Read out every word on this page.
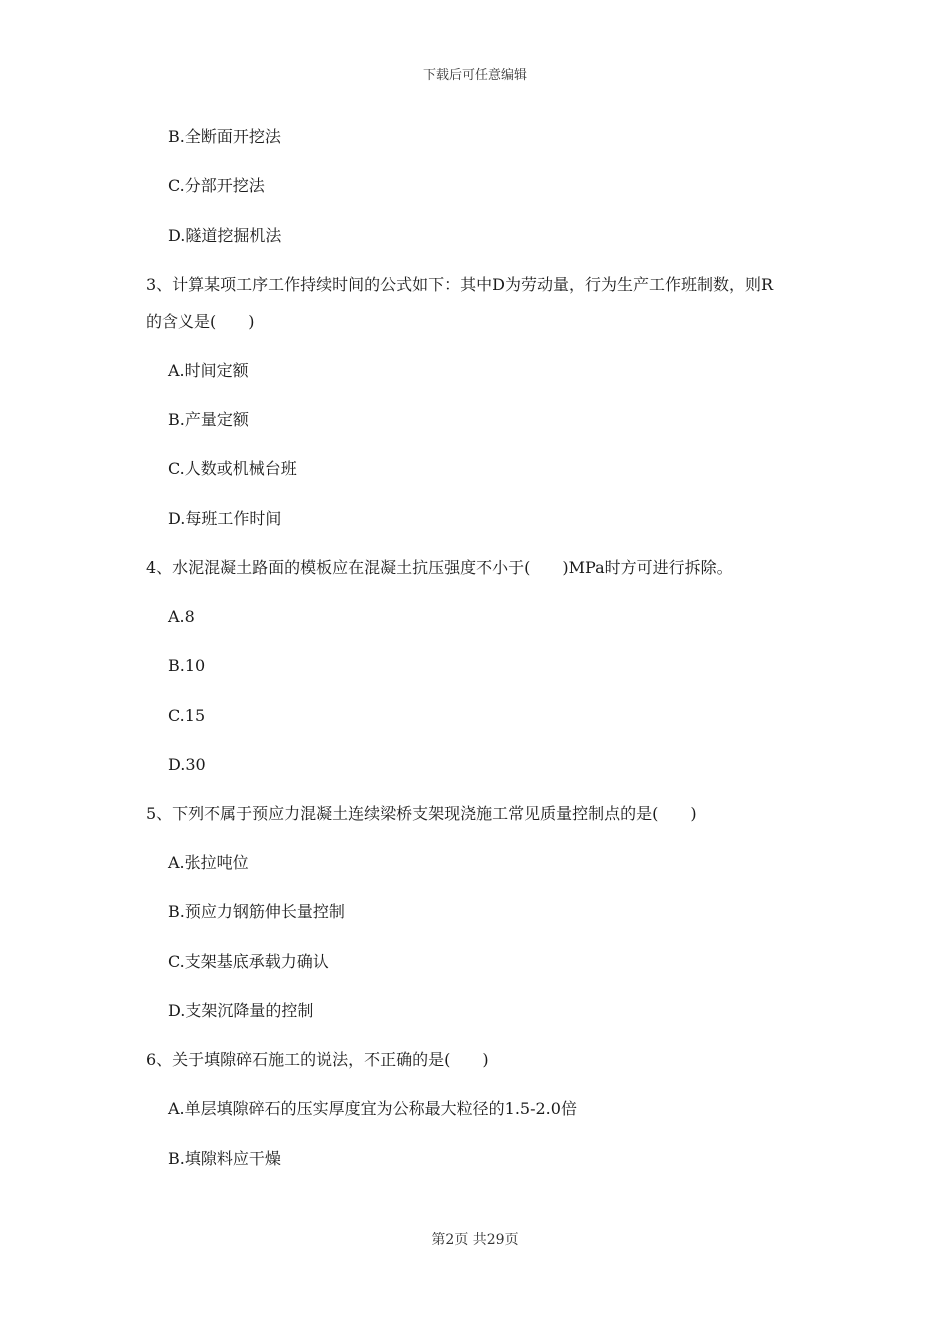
下载后可任意编辑
B.全断面开挖法
C.分部开挖法
D.隧道挖掘机法
3、计算某项工序工作持续时间的公式如下：其中D为劳动量，行为生产工作班制数，则R
的含义是(　　)
A.时间定额
B.产量定额
C.人数或机械台班
D.每班工作时间
4、水泥混凝土路面的模板应在混凝土抗压强度不小于(　　)MPa时方可进行拆除。
A.8
B.10
C.15
D.30
5、下列不属于预应力混凝土连续梁桥支架现浇施工常见质量控制点的是(　　)
A.张拉吨位
B.预应力钢筋伸长量控制
C.支架基底承载力确认
D.支架沉降量的控制
6、关于填隙碎石施工的说法，不正确的是(　　)
A.单层填隙碎石的压实厚度宜为公称最大粒径的1.5-2.0倍
B.填隙料应干燥
第2页 共29页
